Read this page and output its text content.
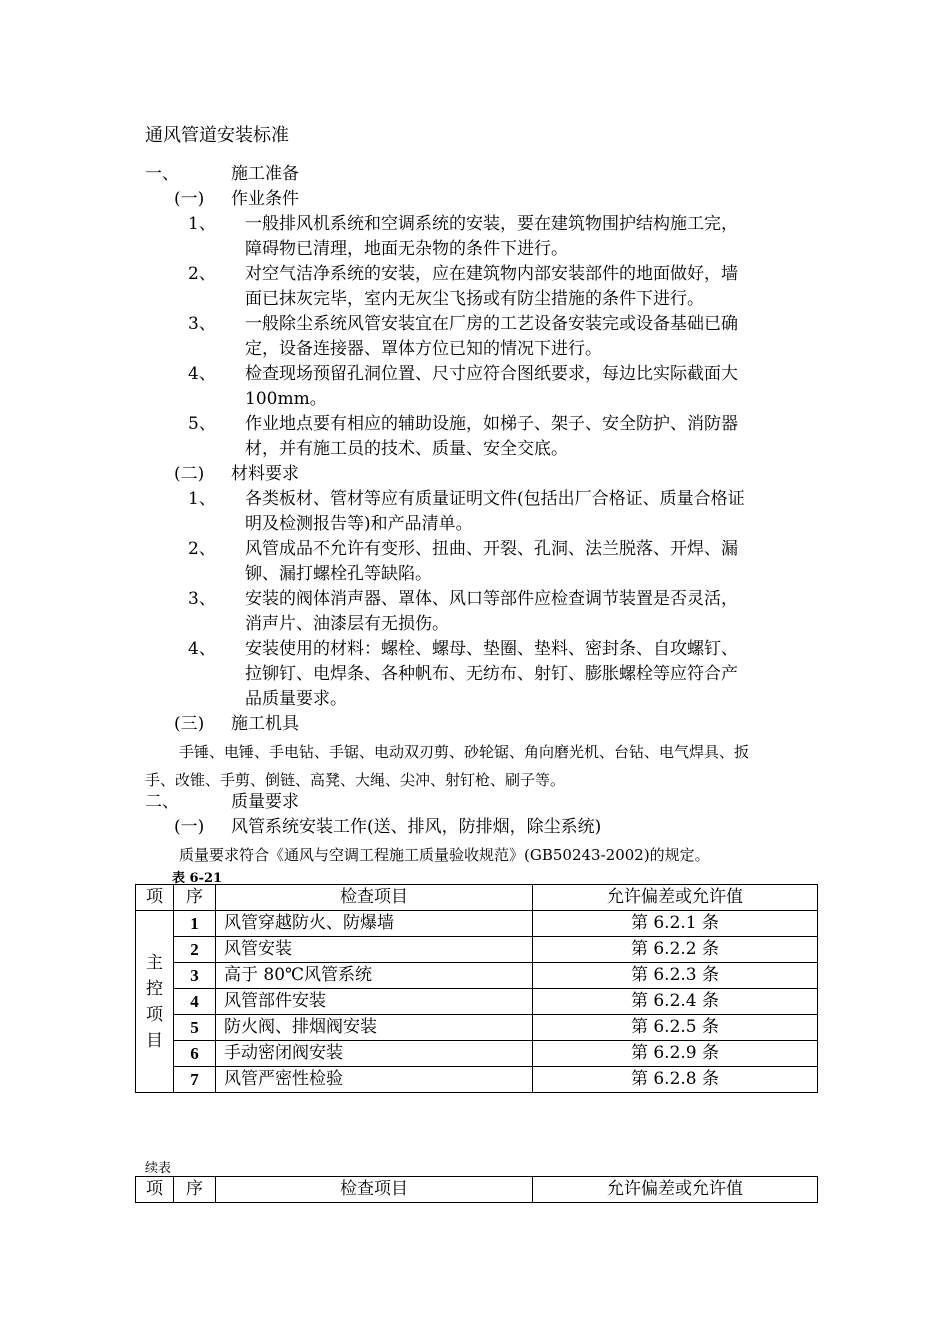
通风管道安装标准
一、	施工准备
(一) 作业条件
1、 一般排风机系统和空调系统的安装，要在建筑物围护结构施工完，
障碍物已清理，地面无杂物的条件下进行。
2、 对空气洁净系统的安装，应在建筑物内部安装部件的地面做好，墙
面已抹灰完毕，室内无灰尘飞扬或有防尘措施的条件下进行。
3、 一般除尘系统风管安装宜在厂房的工艺设备安装完或设备基础已确
定，设备连接器、罩体方位已知的情况下进行。
4、 检查现场预留孔洞位置、尺寸应符合图纸要求，每边比实际截面大
100mm。
5、 作业地点要有相应的辅助设施，如梯子、架子、安全防护、消防器
材，并有施工员的技术、质量、安全交底。
(二) 材料要求
1、 各类板材、管材等应有质量证明文件(包括出厂合格证、质量合格证
明及检测报告等)和产品清单。
2、 风管成品不允许有变形、扭曲、开裂、孔洞、法兰脱落、开焊、漏
铆、漏打螺栓孔等缺陷。
3、 安装的阀体消声器、罩体、风口等部件应检查调节装置是否灵活，
消声片、油漆层有无损伤。
4、 安装使用的材料：螺栓、螺母、垫圈、垫料、密封条、自攻螺钉、
拉铆钉、电焊条、各种帆布、无纺布、射钉、膨胀螺栓等应符合产
品质量要求。
(三) 施工机具
手锤、电锤、手电钻、手锯、电动双刃剪、砂轮锯、角向磨光机、台钻、电气焊具、扳
手、改锥、手剪、倒链、高凳、大绳、尖冲、射钉枪、刷子等。
二、	质量要求
(一) 风管系统安装工作(送、排风，防排烟，除尘系统)
质量要求符合《通风与空调工程施工质量验收规范》(GB50243-2002)的规定。
表 6-21
项	序	检查项目	允许偏差或允许值
主控项目	1	风管穿越防火、防爆墙	第 6.2.1 条
	2	风管安装	第 6.2.2 条
	3	高于 80℃风管系统	第 6.2.3 条
	4	风管部件安装	第 6.2.4 条
	5	防火阀、排烟阀安装	第 6.2.5 条
	6	手动密闭阀安装	第 6.2.9 条
	7	风管严密性检验	第 6.2.8 条
续表
项	序	检查项目	允许偏差或允许值
